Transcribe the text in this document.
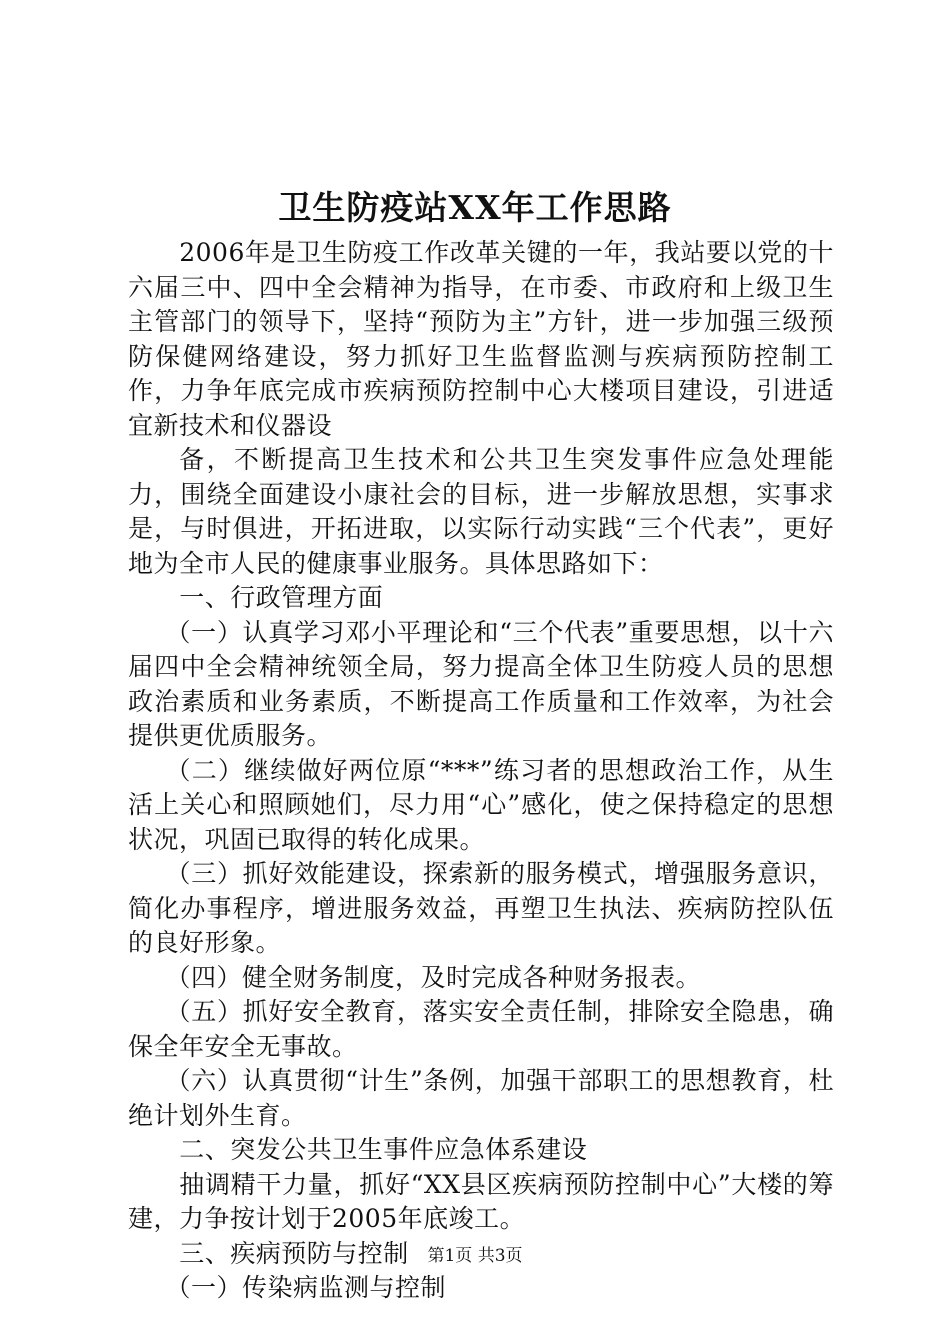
卫生防疫站XX年工作思路

2006年是卫生防疫工作改革关键的一年，我站要以党的十六届三中、四中全会精神为指导，在市委、市政府和上级卫生主管部门的领导下，坚持“预防为主”方针，进一步加强三级预防保健网络建设，努力抓好卫生监督监测与疾病预防控制工作，力争年底完成市疾病预防控制中心大楼项目建设，引进适宜新技术和仪器设

备，不断提高卫生技术和公共卫生突发事件应急处理能力，围绕全面建设小康社会的目标，进一步解放思想，实事求是，与时俱进，开拓进取，以实际行动实践“三个代表”，更好地为全市人民的健康事业服务。具体思路如下：

一、行政管理方面

（一）认真学习邓小平理论和“三个代表”重要思想，以十六届四中全会精神统领全局，努力提高全体卫生防疫人员的思想政治素质和业务素质，不断提高工作质量和工作效率，为社会提供更优质服务。

（二）继续做好两位原“***”练习者的思想政治工作，从生活上关心和照顾她们，尽力用“心”感化，使之保持稳定的思想状况，巩固已取得的转化成果。

（三）抓好效能建设，探索新的服务模式，增强服务意识，简化办事程序，增进服务效益，再塑卫生执法、疾病防控队伍的良好形象。

（四）健全财务制度，及时完成各种财务报表。

（五）抓好安全教育，落实安全责任制，排除安全隐患，确保全年安全无事故。

（六）认真贯彻“计生”条例，加强干部职工的思想教育，杜绝计划外生育。

二、突发公共卫生事件应急体系建设

抽调精干力量，抓好“XX县区疾病预防控制中心”大楼的筹建，力争按计划于2005年底竣工。

三、疾病预防与控制

（一）传染病监测与控制

第1页 共3页
